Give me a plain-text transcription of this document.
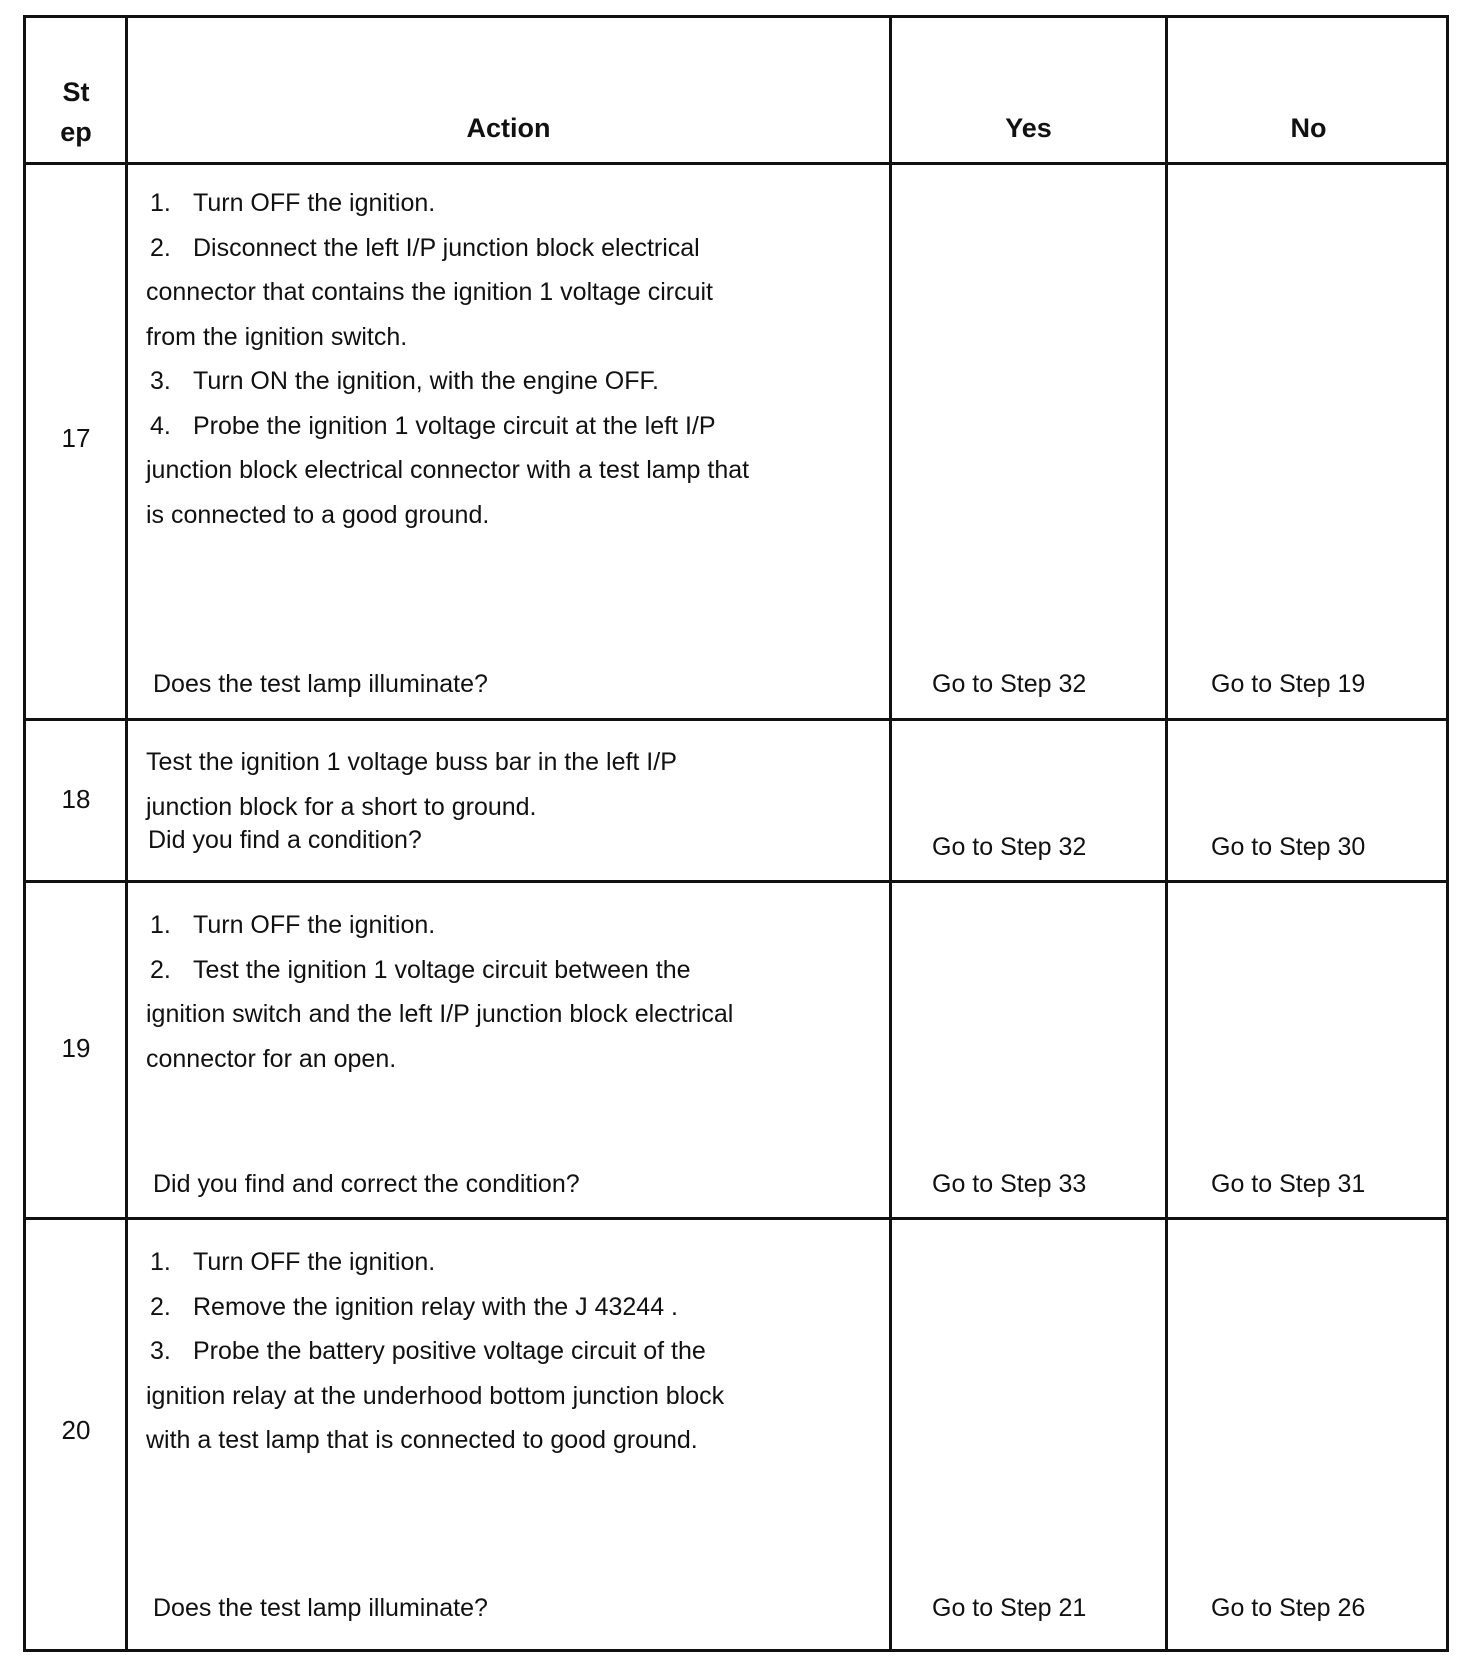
St
ep	Action	Yes	No
17
1. Turn OFF the ignition.
2. Disconnect the left I/P junction block electrical
connector that contains the ignition 1 voltage circuit
from the ignition switch.
3. Turn ON the ignition, with the engine OFF.
4. Probe the ignition 1 voltage circuit at the left I/P
junction block electrical connector with a test lamp that
is connected to a good ground.
Does the test lamp illuminate?	Go to Step 32	Go to Step 19
18
Test the ignition 1 voltage buss bar in the left I/P
junction block for a short to ground.
Did you find a condition?	Go to Step 32	Go to Step 30
19
1. Turn OFF the ignition.
2. Test the ignition 1 voltage circuit between the
ignition switch and the left I/P junction block electrical
connector for an open.
Did you find and correct the condition?	Go to Step 33	Go to Step 31
20
1. Turn OFF the ignition.
2. Remove the ignition relay with the J 43244 .
3. Probe the battery positive voltage circuit of the
ignition relay at the underhood bottom junction block
with a test lamp that is connected to good ground.
Does the test lamp illuminate?	Go to Step 21	Go to Step 26
